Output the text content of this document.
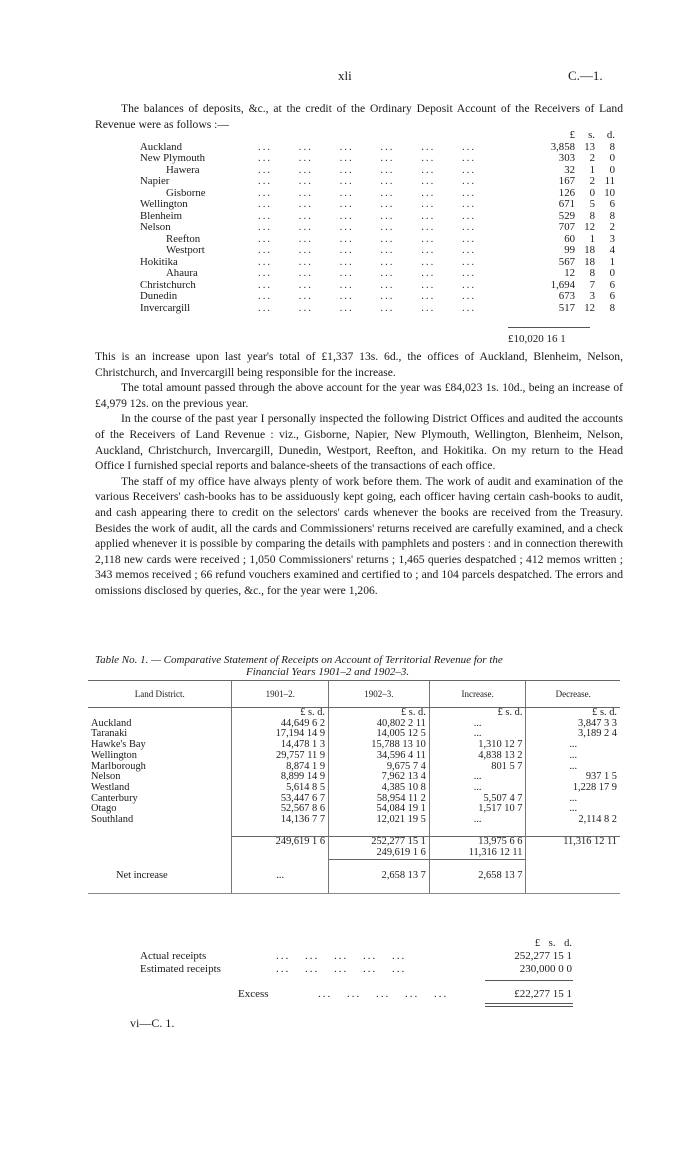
xli	C.—1.

The balances of deposits, &c., at the credit of the Ordinary Deposit Account of the Receivers of Land Revenue were as follows :—

		£	s.	d.
Auckland	... ... ... ... ... ...	3,858	13	8
New Plymouth	... ... ... ... ... ...	303	2	0
Hawera	... ... ... ... ... ...	32	1	0
Napier	... ... ... ... ... ...	167	2	11
Gisborne	... ... ... ... ... ...	126	0	10
Wellington	... ... ... ... ... ...	671	5	6
Blenheim	... ... ... ... ... ...	529	8	8
Nelson	... ... ... ... ... ...	707	12	2
Reefton	... ... ... ... ... ...	60	1	3
Westport	... ... ... ... ... ...	99	18	4
Hokitika	... ... ... ... ... ...	567	18	1
Ahaura	... ... ... ... ... ...	12	8	0
Christchurch	... ... ... ... ... ...	1,694	7	6
Dunedin	... ... ... ... ... ...	673	3	6
Invercargill	... ... ... ... ... ...	517	12	8
£10,020 16 1

This is an increase upon last year's total of £1,337 13s. 6d., the offices of Auckland, Blenheim, Nelson, Christchurch, and Invercargill being responsible for the increase.

The total amount passed through the above account for the year was £84,023 1s. 10d., being an increase of £4,979 12s. on the previous year.

In the course of the past year I personally inspected the following District Offices and audited the accounts of the Receivers of Land Revenue : viz., Gisborne, Napier, New Plymouth, Wellington, Blenheim, Nelson, Auckland, Christchurch, Invercargill, Dunedin, Westport, Reefton, and Hokitika. On my return to the Head Office I furnished special reports and balance-sheets of the transactions of each office.

The staff of my office have always plenty of work before them. The work of audit and examination of the various Receivers' cash-books has to be assiduously kept going, each officer having certain cash-books to audit, and cash appearing there to credit on the selectors' cards whenever the books are received from the Treasury. Besides the work of audit, all the cards and Commissioners' returns received are carefully examined, and a check applied whenever it is possible by comparing the details with pamphlets and posters : and in connection therewith 2,118 new cards were received ; 1,050 Commissioners' returns ; 1,465 queries despatched ; 412 memos written ; 343 memos received ; 66 refund vouchers examined and certified to ; and 104 parcels despatched. The errors and omissions disclosed by queries, &c., for the year were 1,206.

Table No. 1. — Comparative Statement of Receipts on Account of Territorial Revenue for the
Financial Years 1901–2 and 1902–3.
Land District.	1901–2.	1902–3.	Increase.	Decrease.
	£ s. d.	£ s. d.	£ s. d.	£ s. d.
Auckland	44,649 6 2	40,802 2 11	...	3,847 3 3
Taranaki	17,194 14 9	14,005 12 5	...	3,189 2 4
Hawke's Bay	14,478 1 3	15,788 13 10	1,310 12 7	...
Wellington	29,757 11 9	34,596 4 11	4,838 13 2	...
Marlborough	8,874 1 9	9,675 7 4	801 5 7	...
Nelson	8,899 14 9	7,962 13 4	...	937 1 5
Westland	5,614 8 5	4,385 10 8	...	1,228 17 9
Canterbury	53,447 6 7	58,954 11 2	5,507 4 7	...
Otago	52,567 8 6	54,084 19 1	1,517 10 7	...
Southland	14,136 7 7	12,021 19 5	...	2,114 8 2

	249,619 1 6	252,277 15 1	13,975 6 6	11,316 12 11
		249,619 1 6	11,316 12 11	

Net increase	...	2,658 13 7	2,658 13 7	

£ s. d.
Actual receipts	... ... ... ... ...	252,277 15 1
Estimated receipts	... ... ... ... ...	230,000 0 0
Excess	... ... ... ... ...	£22,277 15 1
vi—C. 1.
